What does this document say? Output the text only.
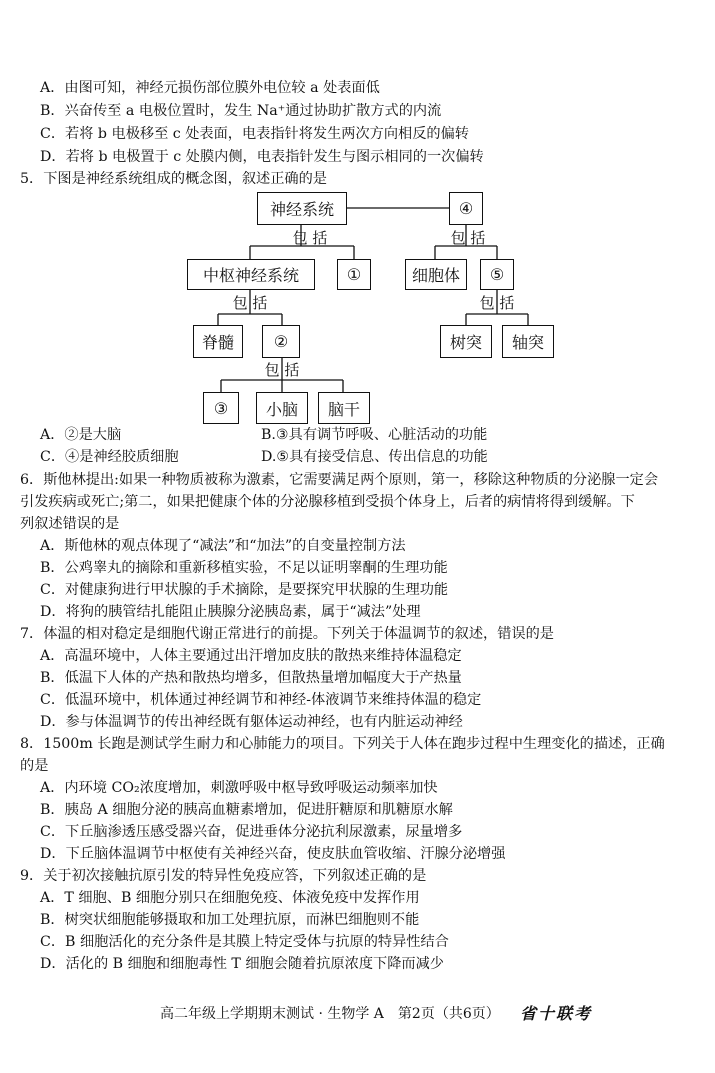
A．由图可知，神经元损伤部位膜外电位较 a 处表面低
B．兴奋传至 a 电极位置时，发生 Na⁺通过协助扩散方式的内流
C．若将 b 电极移至 c 处表面，电表指针将发生两次方向相反的偏转
D．若将 b 电极置于 c 处膜内侧，电表指针发生与图示相同的一次偏转
5．下图是神经系统组成的概念图，叙述正确的是
神经系统	④
包 括	包 括
中枢神经系统	①	细胞体	⑤
包 括	包 括
脊髓	②	树突	轴突
包 括
③	小脑	脑干
A．②是大脑	B.③具有调节呼吸、心脏活动的功能
C．④是神经胶质细胞	D.⑤具有接受信息、传出信息的功能
6．斯他林提出:如果一种物质被称为激素，它需要满足两个原则，第一，移除这种物质的分泌腺一定会
引发疾病或死亡;第二，如果把健康个体的分泌腺移植到受损个体身上，后者的病情将得到缓解。下
列叙述错误的是
A．斯他林的观点体现了“减法”和“加法”的自变量控制方法
B．公鸡睾丸的摘除和重新移植实验，不足以证明睾酮的生理功能
C．对健康狗进行甲状腺的手术摘除，是要探究甲状腺的生理功能
D．将狗的胰管结扎能阻止胰腺分泌胰岛素，属于“减法”处理
7．体温的相对稳定是细胞代谢正常进行的前提。下列关于体温调节的叙述，错误的是
A．高温环境中，人体主要通过出汗增加皮肤的散热来维持体温稳定
B．低温下人体的产热和散热均增多，但散热量增加幅度大于产热量
C．低温环境中，机体通过神经调节和神经-体液调节来维持体温的稳定
D．参与体温调节的传出神经既有躯体运动神经，也有内脏运动神经
8．1500m 长跑是测试学生耐力和心肺能力的项目。下列关于人体在跑步过程中生理变化的描述，正确
的是
A．内环境 CO₂浓度增加，刺激呼吸中枢导致呼吸运动频率加快
B．胰岛 A 细胞分泌的胰高血糖素增加，促进肝糖原和肌糖原水解
C．下丘脑渗透压感受器兴奋，促进垂体分泌抗利尿激素，尿量增多
D．下丘脑体温调节中枢使有关神经兴奋，使皮肤血管收缩、汗腺分泌增强
9．关于初次接触抗原引发的特异性免疫应答，下列叙述正确的是
A．T 细胞、B 细胞分别只在细胞免疫、体液免疫中发挥作用
B．树突状细胞能够摄取和加工处理抗原，而淋巴细胞则不能
C．B 细胞活化的充分条件是其膜上特定受体与抗原的特异性结合
D．活化的 B 细胞和细胞毒性 T 细胞会随着抗原浓度下降而减少
高二年级上学期期末测试 · 生物学 A　第2页（共6页） 省十联考
